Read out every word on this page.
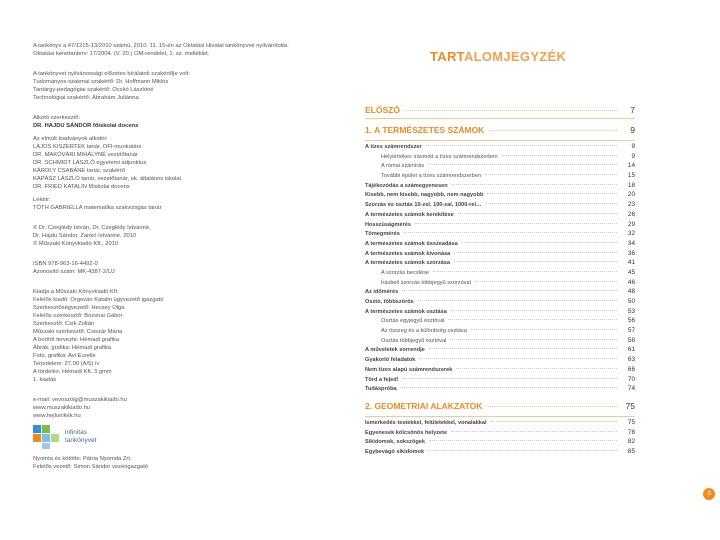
A tankönyv a 47/1215-13/2010 számú, 2010. 11. 15-én az Oktatási Hivatal tankönyvvé nyilvánította.
Oktatási kerettanterv: 17/2004. (V. 20.) OM-rendelet, 1. sz. melléklet.
A tankönyvet nyilvánossági előzetes bírálatok szakértője volt:
Tudományos-szakmai szakértő: Dr. Hoffmann Miklós
Tantárgy-pedagógiai szakértő: Ocskó Lászlóné
Technológiai szakértő: Ábrahám Juliánna
Alkotó szerkesztő:
DR. HAJDU SÁNDOR főiskolai docens
Az elmúlt kiadványok alkotói:
LAJOS KISZERTEK tanár, OFI-munkatárs
DR. MAKÓVÁRI MIHÁLYNÉ vezetőtanár
DR. SCHMIDT LÁSZLÓ egyetemi adjunktus
KÁROLY CSABÁNÉ tanár, szakértő
KAPÁSZ LÁSZLÓ tanár, vezetőtanár, ok. általános iskolai
DR. FRIED KATALIN főiskolai docens
Lektor:
TÓTH GABRIELLA matematika szakvizsgás tanár
© Dr. Czeglédy István, Dr. Czeglédy Istvánné,
Dr. Hajdu Sándor, Zankó Istvánné, 2010
© Műszaki Könyvkiadó Kft., 2010
ISBN 978-963-16-4492-0
Azonosító szám: MK-4387-2/UJ
Kiadja a Műszaki Könyvkiadó Kft.
Felelős kiadó: Orgován Katalin ügyvezető igazgató
Szerkesztőségvezető: Hecsey Olga
Felelős szerkesztő: Bozsnai Gábor
Szerkesztő: Csík Zoltán
Műszaki szerkesztő: Csiszár Mária
A borítót tervezte: Hémadi grafika
Ábrák, grafika: Hémadi grafika
Fotó, grafika: Avi Eurelle
Terjedelem: 27,00 (A/5) ív
A tördelés: Hémadi Kft. 3 gmm
1. kiadás
e-mail: vevoszolg@muszakikiado.hu
www.muszakikiado.hu
www.hejlunikek.hu
infinitas
tankönyvet
Nyomta és kötötte: Pátria Nyomda Zrt.
Felelős vezető: Simon Sándor vezérigazgató
TARTALOMJEGYZÉK
ELŐSZÓ	7
1. A TERMÉSZETES SZÁMOK	9
A tízes számrendszer	9
Helyiértékes írásmód a tízes számrendszerben	9
A római számírás	14
További épület a tízes számrendszerben	15
Tájékozódás a számegyenesen	18
Kisebb, nem kisebb, nagyobb, nem nagyobb	20
Szorzás és osztás 10-zel, 100-zal, 1000-rel…	23
A természetes számok kerekítése	26
Hosszúságmérés	29
Tömegmérés	32
A természetes számok összeadása	34
A természetes számok kivonása	36
A természetes számok szorzása	41
A szorzás becslése	45
Írásbeli szorzás többjegyű szorzóval	46
Az időmérés	48
Osztó, többszörös	50
A természetes számok osztása	53
Osztás egyjegyű osztóval	56
Az összeg és a különbség osztása	57
Osztás többjegyű osztóval	58
A műveletek sorrendje	61
Gyakorló feladatok	63
Nem tízes alapú számrendszerek	66
Törd a fejed!	70
Tudáspróba	74
2. GEOMETRIAI ALAKZATOK	75
Ismerkedés testekkel, felületekkel, vonalakkal	75
Egyenesek kölcsönös helyzete	78
Síkidomok, sokszögek	82
Egybevágó síkidomok	85
3
